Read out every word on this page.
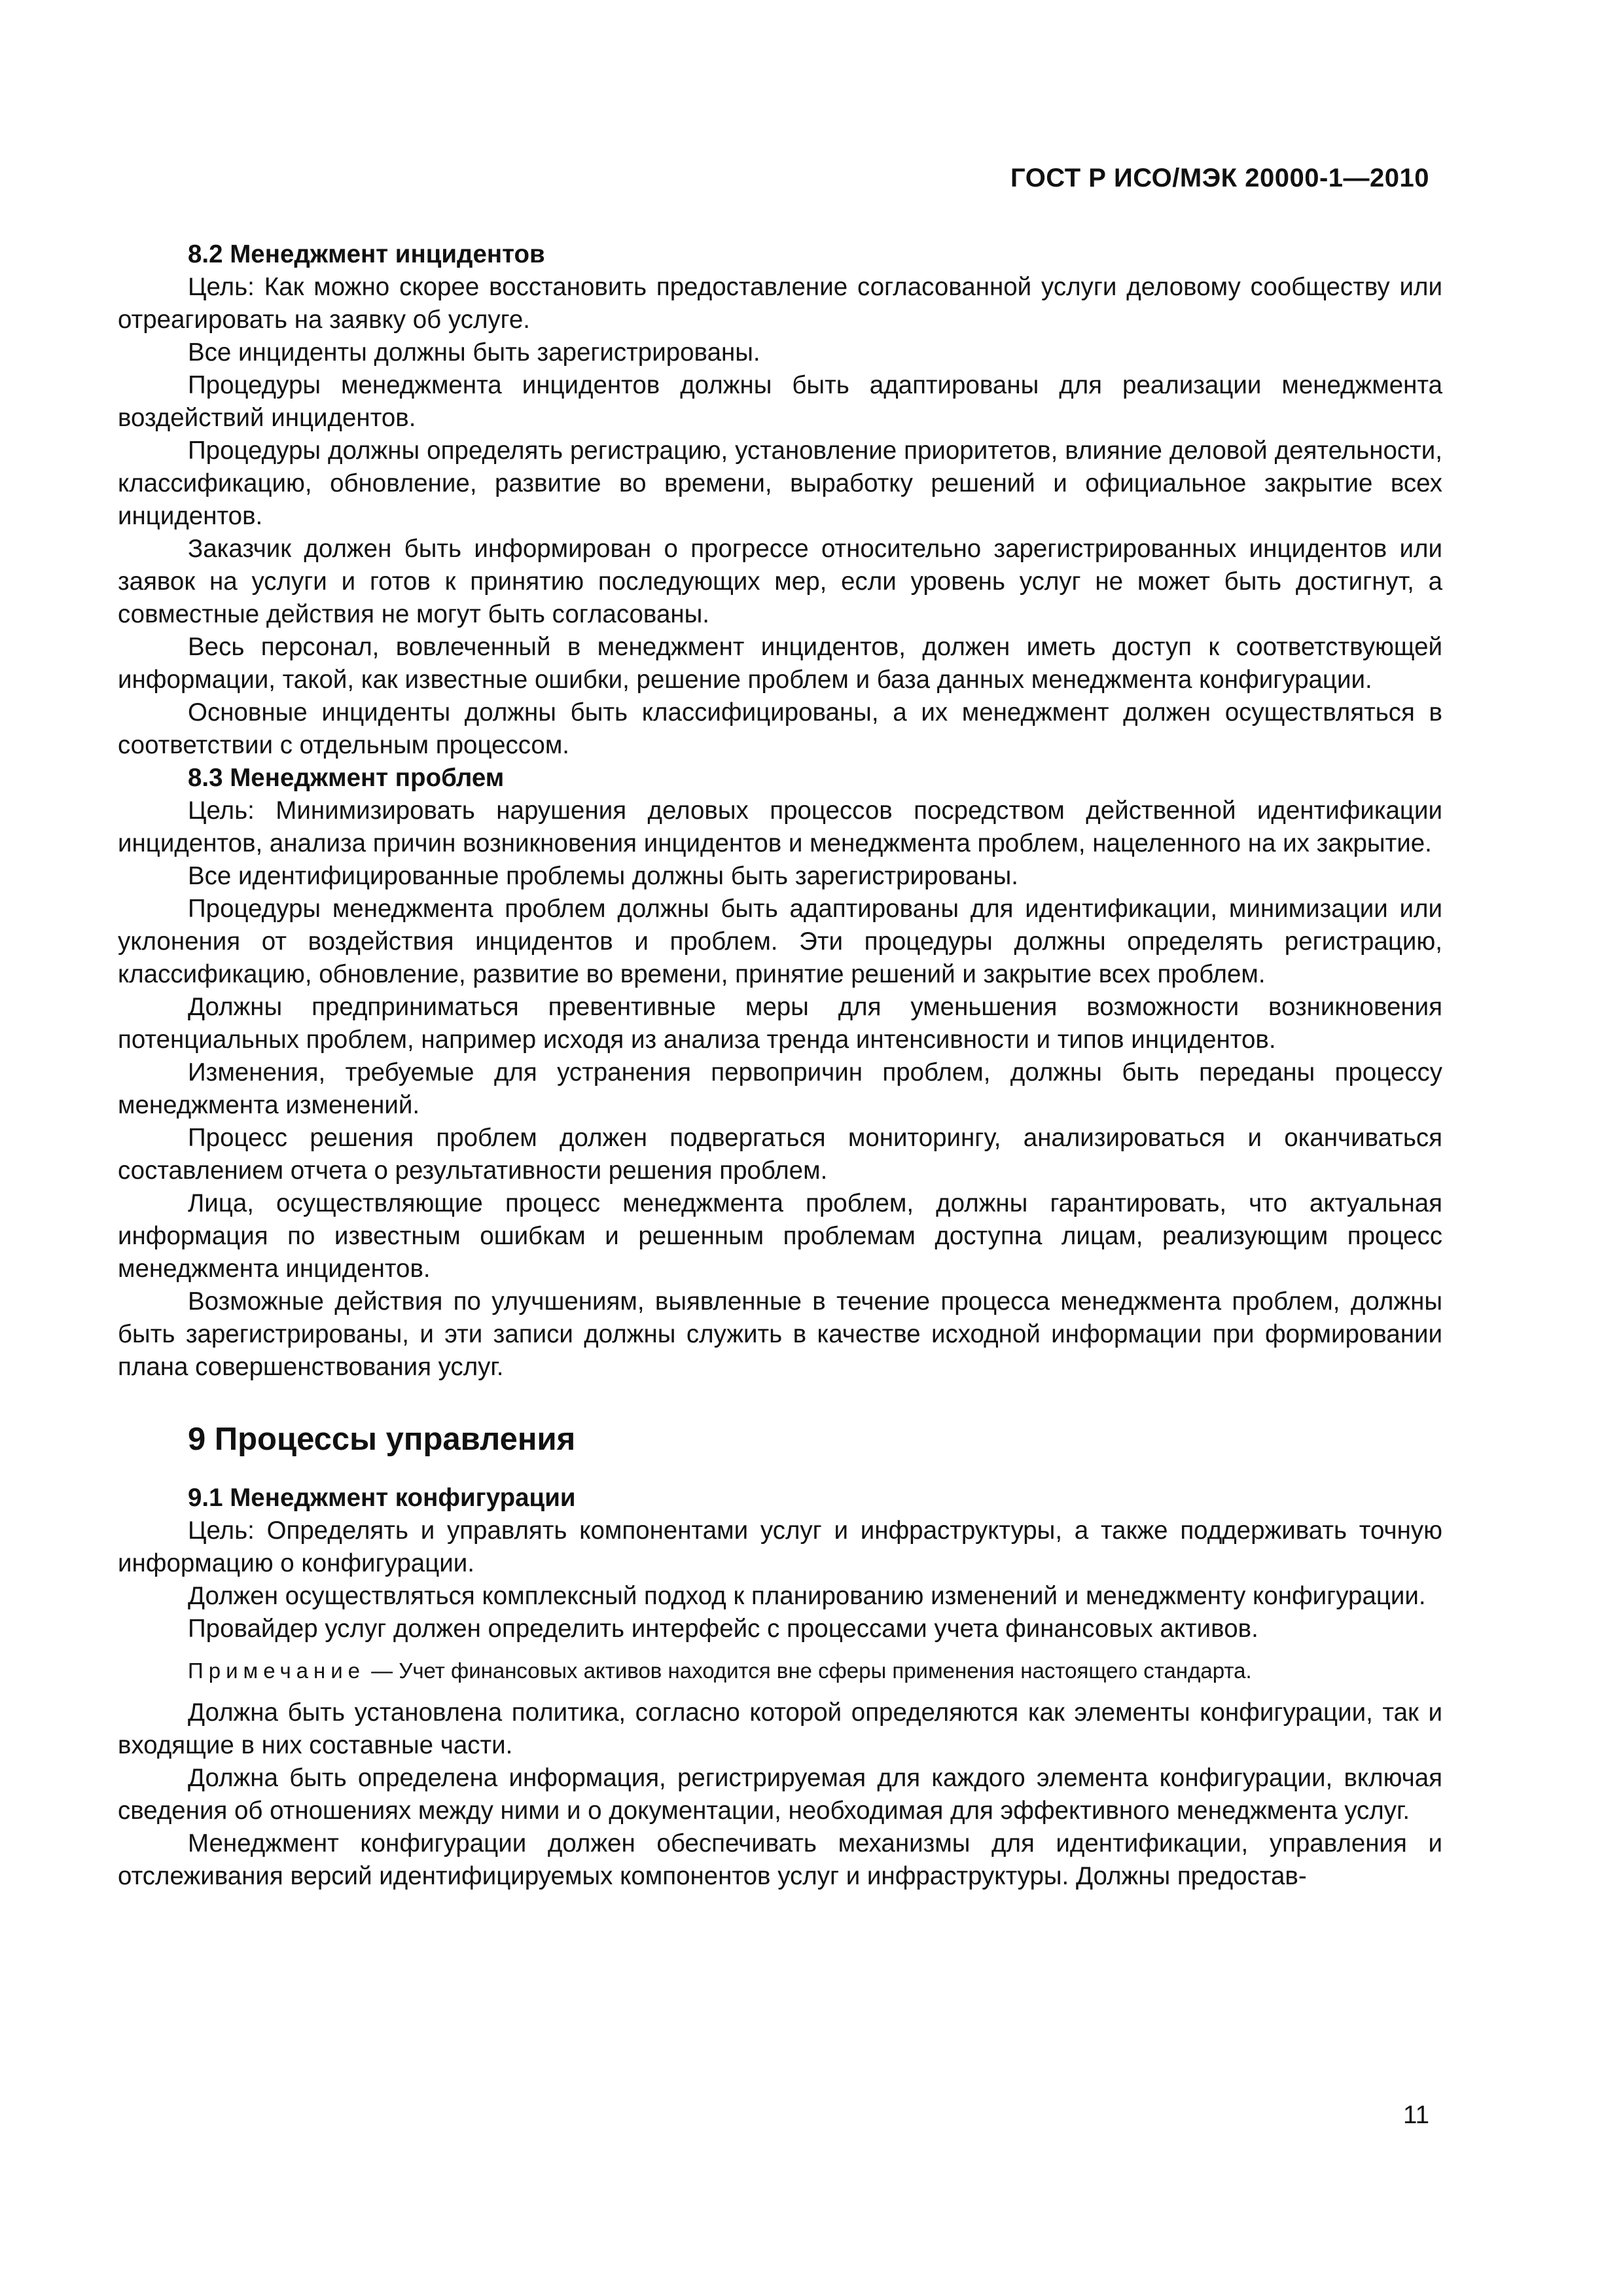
ГОСТ Р ИСО/МЭК 20000-1—2010
8.2 Менеджмент инцидентов

Цель: Как можно скорее восстановить предоставление согласованной услуги деловому сообществу или отреагировать на заявку об услуге.

Все инциденты должны быть зарегистрированы.

Процедуры менеджмента инцидентов должны быть адаптированы для реализации менеджмента воздействий инцидентов.

Процедуры должны определять регистрацию, установление приоритетов, влияние деловой деятельности, классификацию, обновление, развитие во времени, выработку решений и официальное закрытие всех инцидентов.

Заказчик должен быть информирован о прогрессе относительно зарегистрированных инцидентов или заявок на услуги и готов к принятию последующих мер, если уровень услуг не может быть достигнут, а совместные действия не могут быть согласованы.

Весь персонал, вовлеченный в менеджмент инцидентов, должен иметь доступ к соответствующей информации, такой, как известные ошибки, решение проблем и база данных менеджмента конфигурации.

Основные инциденты должны быть классифицированы, а их менеджмент должен осуществляться в соответствии с отдельным процессом.

8.3 Менеджмент проблем

Цель: Минимизировать нарушения деловых процессов посредством действенной идентификации инцидентов, анализа причин возникновения инцидентов и менеджмента проблем, нацеленного на их закрытие.

Все идентифицированные проблемы должны быть зарегистрированы.

Процедуры менеджмента проблем должны быть адаптированы для идентификации, минимизации или уклонения от воздействия инцидентов и проблем. Эти процедуры должны определять регистрацию, классификацию, обновление, развитие во времени, принятие решений и закрытие всех проблем.

Должны предприниматься превентивные меры для уменьшения возможности возникновения потенциальных проблем, например исходя из анализа тренда интенсивности и типов инцидентов.

Изменения, требуемые для устранения первопричин проблем, должны быть переданы процессу менеджмента изменений.

Процесс решения проблем должен подвергаться мониторингу, анализироваться и оканчиваться составлением отчета о результативности решения проблем.

Лица, осуществляющие процесс менеджмента проблем, должны гарантировать, что актуальная информация по известным ошибкам и решенным проблемам доступна лицам, реализующим процесс менеджмента инцидентов.

Возможные действия по улучшениям, выявленные в течение процесса менеджмента проблем, должны быть зарегистрированы, и эти записи должны служить в качестве исходной информации при формировании плана совершенствования услуг.

9 Процессы управления
9.1 Менеджмент конфигурации

Цель: Определять и управлять компонентами услуг и инфраструктуры, а также поддерживать точную информацию о конфигурации.

Должен осуществляться комплексный подход к планированию изменений и менеджменту конфигурации.

Провайдер услуг должен определить интерфейс с процессами учета финансовых активов.

Примечание — Учет финансовых активов находится вне сферы применения настоящего стандарта.

Должна быть установлена политика, согласно которой определяются как элементы конфигурации, так и входящие в них составные части.

Должна быть определена информация, регистрируемая для каждого элемента конфигурации, включая сведения об отношениях между ними и о документации, необходимая для эффективного менеджмента услуг.

Менеджмент конфигурации должен обеспечивать механизмы для идентификации, управления и отслеживания версий идентифицируемых компонентов услуг и инфраструктуры. Должны предостав-

11
